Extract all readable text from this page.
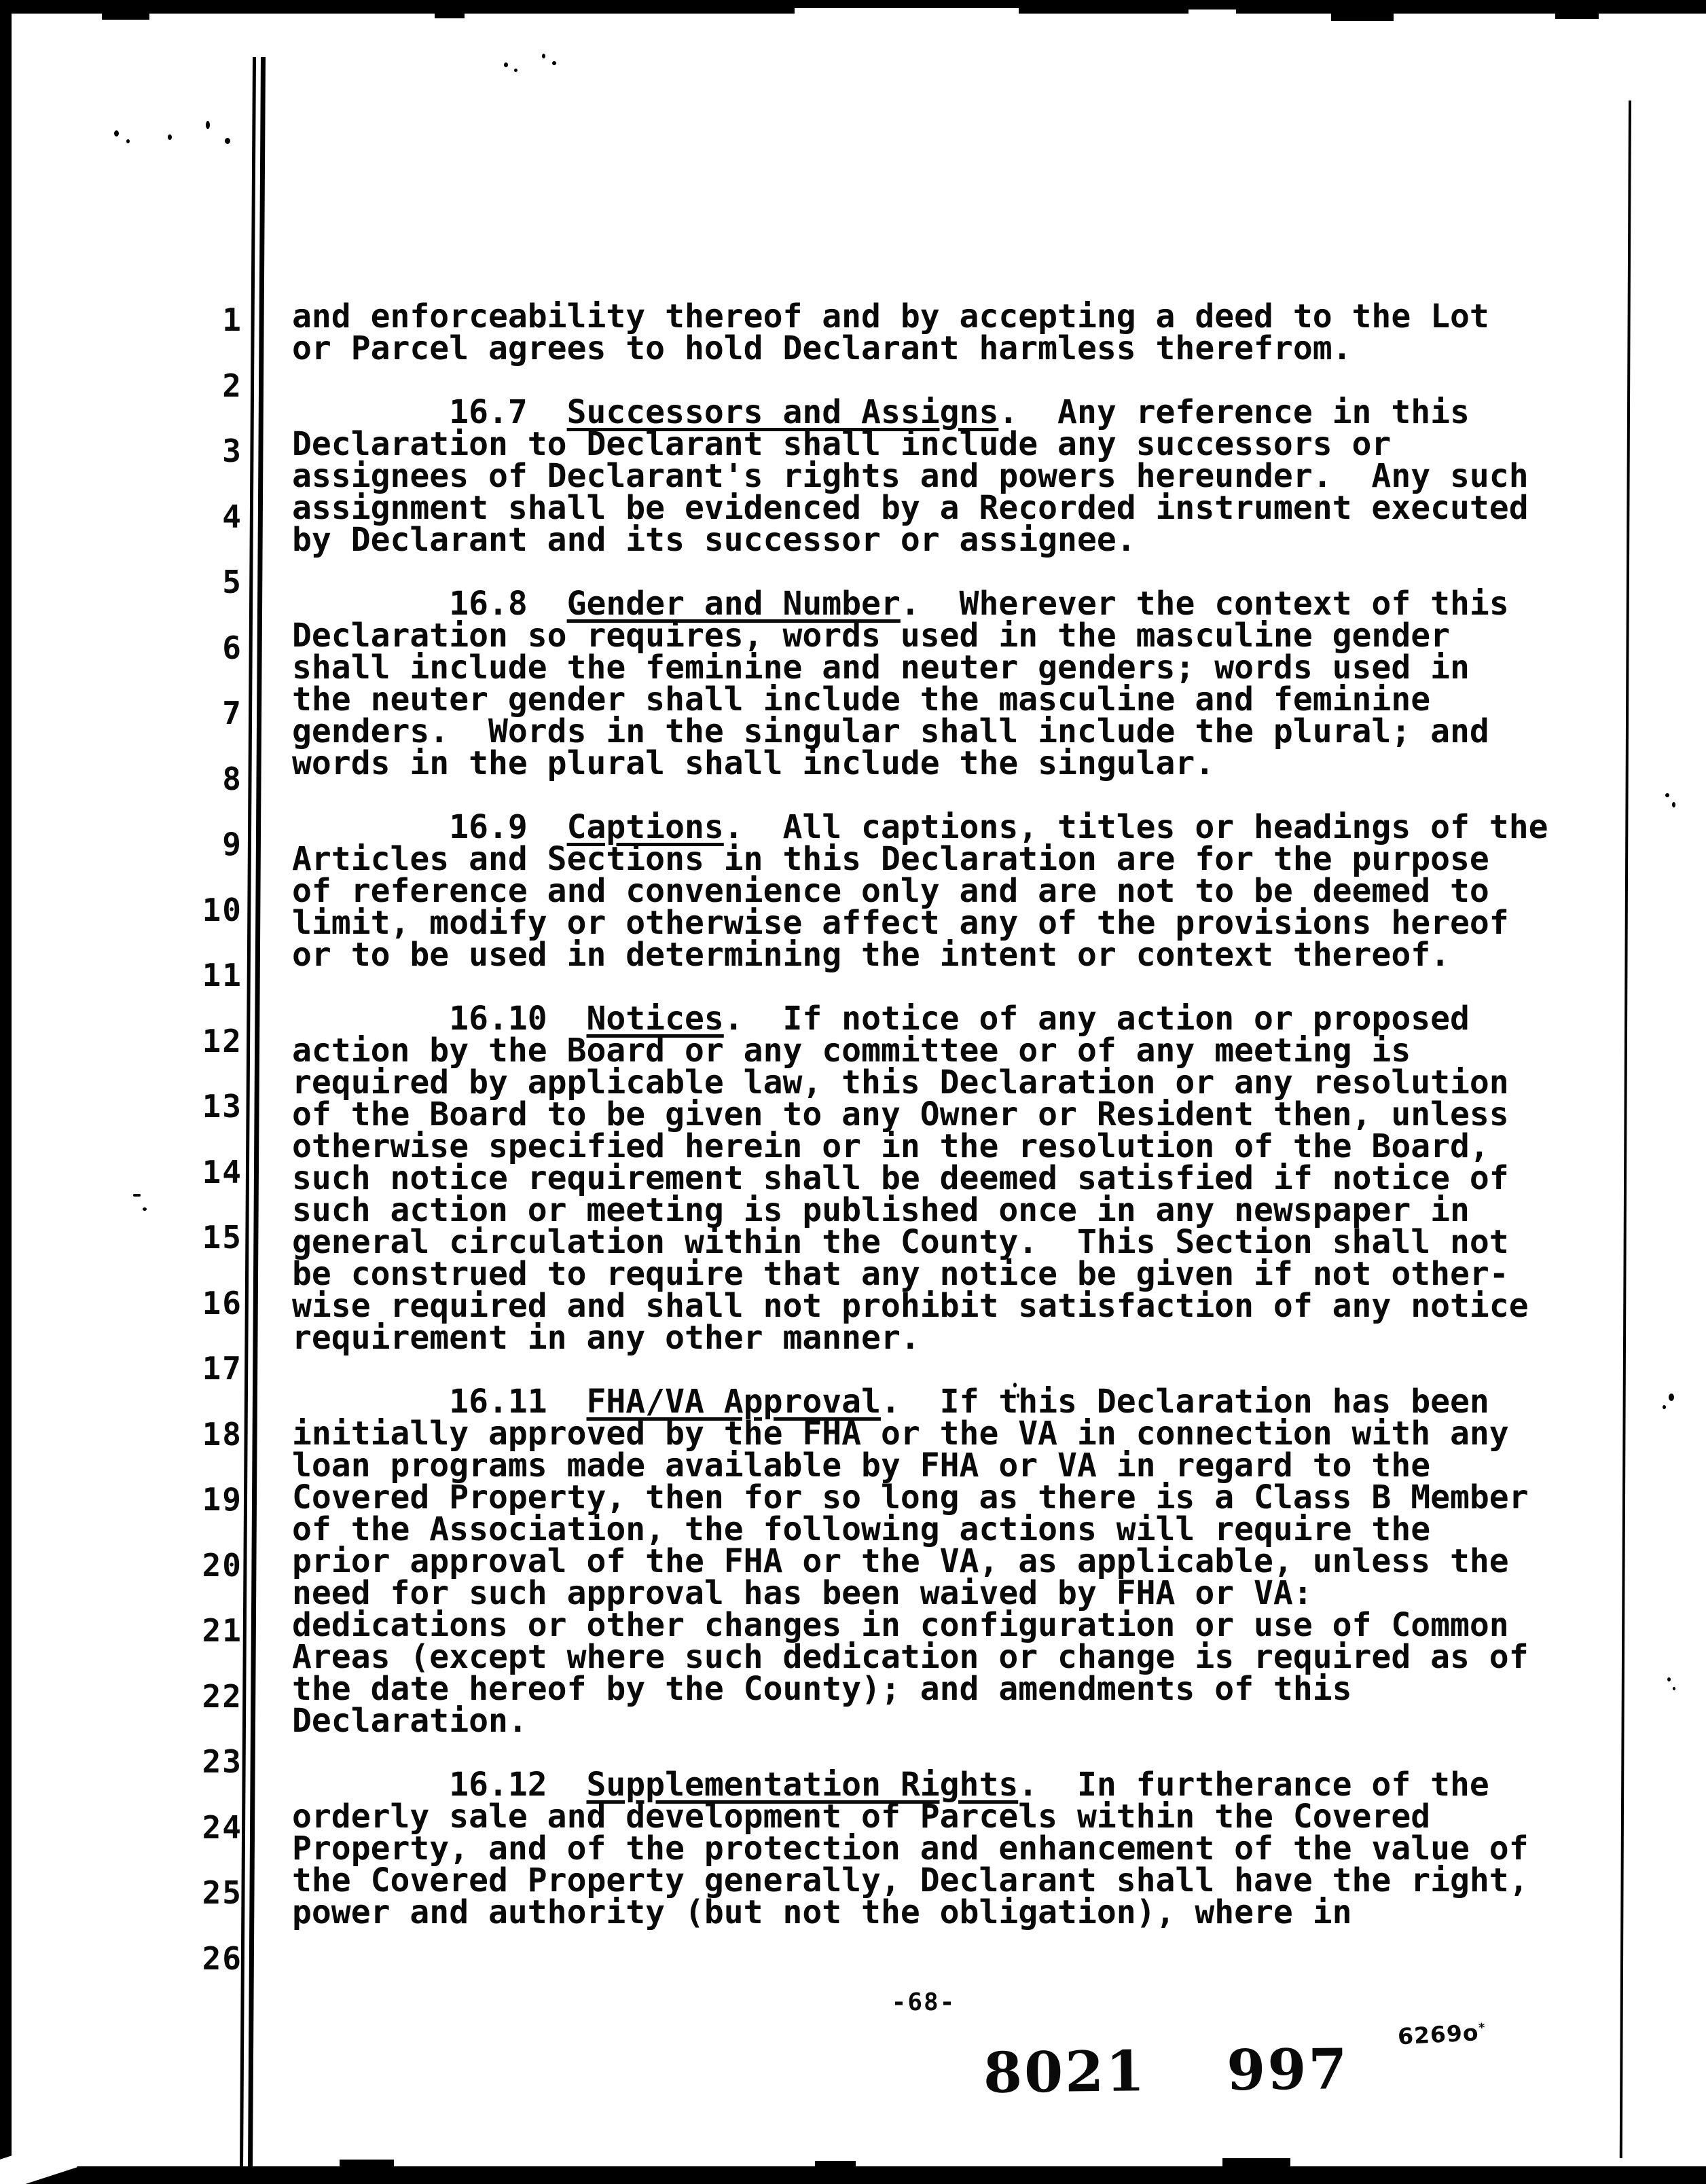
1
2
3
4
5
6
7
8
9
10
11
12
13
14
15
16
17
18
19
20
21
22
23
24
25
26
and enforceability thereof and by accepting a deed to the Lot
or Parcel agrees to hold Declarant harmless therefrom.

16.7  Successors and Assigns.  Any reference in this
Declaration to Declarant shall include any successors or
assignees of Declarant's rights and powers hereunder.  Any such
assignment shall be evidenced by a Recorded instrument executed
by Declarant and its successor or assignee.

16.8  Gender and Number.  Wherever the context of this
Declaration so requires, words used in the masculine gender
shall include the feminine and neuter genders; words used in
the neuter gender shall include the masculine and feminine
genders.  Words in the singular shall include the plural; and
words in the plural shall include the singular.

16.9  Captions.  All captions, titles or headings of the
Articles and Sections in this Declaration are for the purpose
of reference and convenience only and are not to be deemed to
limit, modify or otherwise affect any of the provisions hereof
or to be used in determining the intent or context thereof.

16.10  Notices.  If notice of any action or proposed
action by the Board or any committee or of any meeting is
required by applicable law, this Declaration or any resolution
of the Board to be given to any Owner or Resident then, unless
otherwise specified herein or in the resolution of the Board,
such notice requirement shall be deemed satisfied if notice of
such action or meeting is published once in any newspaper in
general circulation within the County.  This Section shall not
be construed to require that any notice be given if not other-
wise required and shall not prohibit satisfaction of any notice
requirement in any other manner.

16.11  FHA/VA Approval.  If this Declaration has been
initially approved by the FHA or the VA in connection with any
loan programs made available by FHA or VA in regard to the
Covered Property, then for so long as there is a Class B Member
of the Association, the following actions will require the
prior approval of the FHA or the VA, as applicable, unless the
need for such approval has been waived by FHA or VA:
dedications or other changes in configuration or use of Common
Areas (except where such dedication or change is required as of
the date hereof by the County); and amendments of this
Declaration.

16.12  Supplementation Rights.  In furtherance of the
orderly sale and development of Parcels within the Covered
Property, and of the protection and enhancement of the value of
the Covered Property generally, Declarant shall have the right,
power and authority (but not the obligation), where in
-68-
8021 997
6269o*
